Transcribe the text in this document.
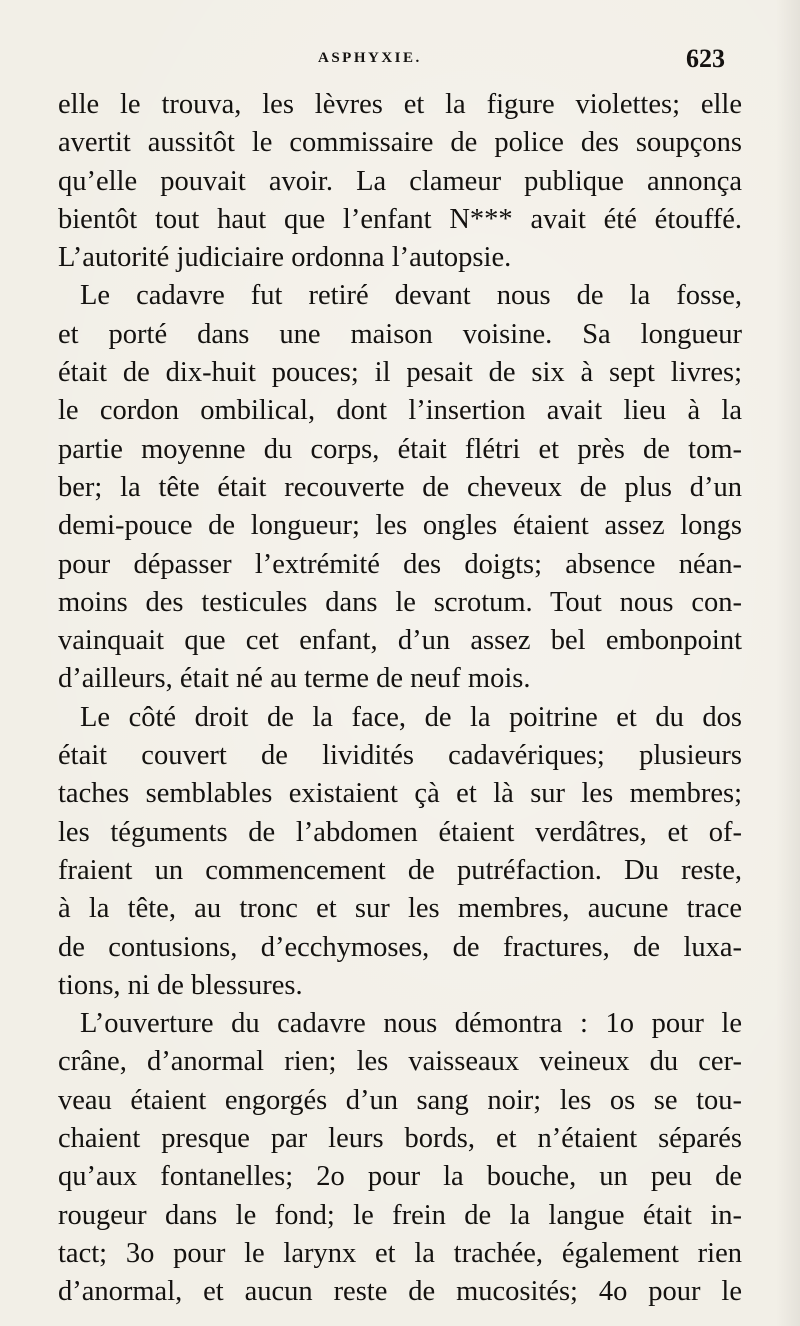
ASPHYXIE.	623
elle le trouva, les lèvres et la figure violettes; elle
avertit aussitôt le commissaire de police des soupçons
qu’elle pouvait avoir. La clameur publique annonça
bientôt tout haut que l’enfant N*** avait été étouffé.
L’autorité judiciaire ordonna l’autopsie.
Le cadavre fut retiré devant nous de la fosse,
et porté dans une maison voisine. Sa longueur
était de dix-huit pouces; il pesait de six à sept livres;
le cordon ombilical, dont l’insertion avait lieu à la
partie moyenne du corps, était flétri et près de tom-
ber; la tête était recouverte de cheveux de plus d’un
demi-pouce de longueur; les ongles étaient assez longs
pour dépasser l’extrémité des doigts; absence néan-
moins des testicules dans le scrotum. Tout nous con-
vainquait que cet enfant, d’un assez bel embonpoint
d’ailleurs, était né au terme de neuf mois.
Le côté droit de la face, de la poitrine et du dos
était couvert de lividités cadavériques; plusieurs
taches semblables existaient çà et là sur les membres;
les téguments de l’abdomen étaient verdâtres, et of-
fraient un commencement de putréfaction. Du reste,
à la tête, au tronc et sur les membres, aucune trace
de contusions, d’ecchymoses, de fractures, de luxa-
tions, ni de blessures.
L’ouverture du cadavre nous démontra : 1o pour le
crâne, d’anormal rien; les vaisseaux veineux du cer-
veau étaient engorgés d’un sang noir; les os se tou-
chaient presque par leurs bords, et n’étaient séparés
qu’aux fontanelles; 2o pour la bouche, un peu de
rougeur dans le fond; le frein de la langue était in-
tact; 3o pour le larynx et la trachée, également rien
d’anormal, et aucun reste de mucosités; 4o pour le
